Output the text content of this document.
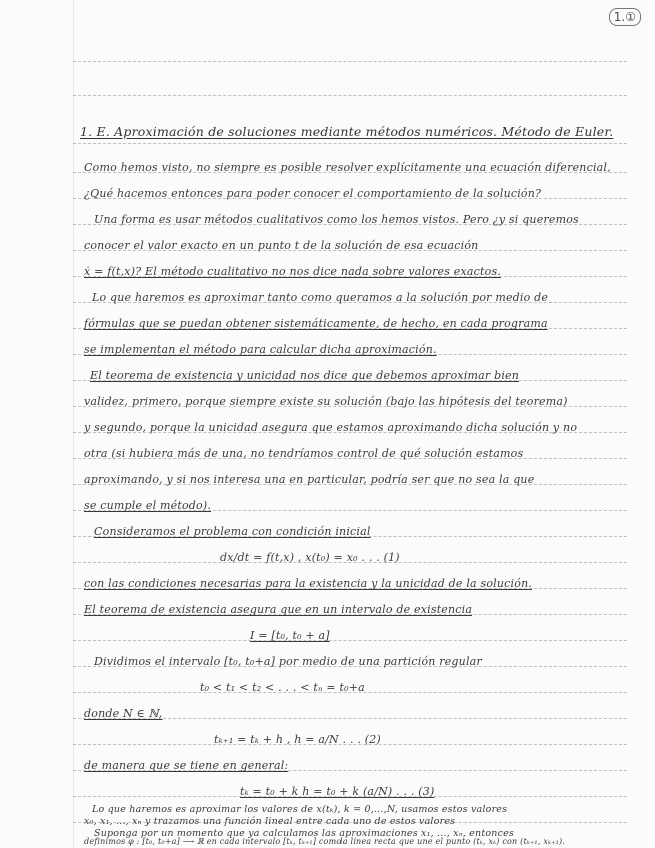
1.①
1. E. Aproximación de soluciones mediante métodos numéricos. Método de Euler.
Como hemos visto, no siempre es posible resolver explícitamente una ecuación diferencial,
¿Qué hacemos entonces para poder conocer el comportamiento de la solución?
Una forma es usar métodos cualitativos como los hemos vistos. Pero ¿y si queremos
conocer el valor exacto en un punto t de la solución de esa ecuación
ẋ = f(t,x)? El método cualitativo no nos dice nada sobre valores exactos.
Lo que haremos es aproximar tanto como queramos a la solución por medio de
fórmulas que se puedan obtener sistemáticamente, de hecho, en cada programa
se implementan el método para calcular dicha aproximación.
El teorema de existencia y unicidad nos dice que debemos aproximar bien
validez, primero, porque siempre existe su solución (bajo las hipótesis del teorema)
y segundo, porque la unicidad asegura que estamos aproximando dicha solución y no
otra (si hubiera más de una, no tendríamos control de qué solución estamos
aproximando, y si nos interesa una en particular, podría ser que no sea la que
se cumple el método).
Consideramos el problema con condición inicial
dx/dt = f(t,x) , x(t₀) = x₀ . . . (1)
con las condiciones necesarias para la existencia y la unicidad de la solución.
El teorema de existencia asegura que en un intervalo de existencia
I = [t₀, t₀ + a]
Dividimos el intervalo [t₀, t₀+a] por medio de una partición regular
t₀ < t₁ < t₂ < . . . < tₙ = t₀+a
donde N ∈ ℕ,
tₖ₊₁ = tₖ + h , h = a/N . . . (2)
de manera que se tiene en general:
tₖ = t₀ + k h = t₀ + k (a/N) . . . (3)
Lo que haremos es aproximar los valores de x(tₖ), k = 0,...,N, usamos estos valores
x₀, x₁, ..., xₙ y trazamos una función lineal entre cada uno de estos valores
Suponga por un momento que ya calculamos las aproximaciones x₁, ..., xₙ, entonces
definimos φ : [t₀, t₀+a] ⟶ ℝ en cada intervalo [tₖ, tₖ₊₁] como
la línea recta que une el punto (tₖ, xₖ) con (tₖ₊₁, xₖ₊₁).
